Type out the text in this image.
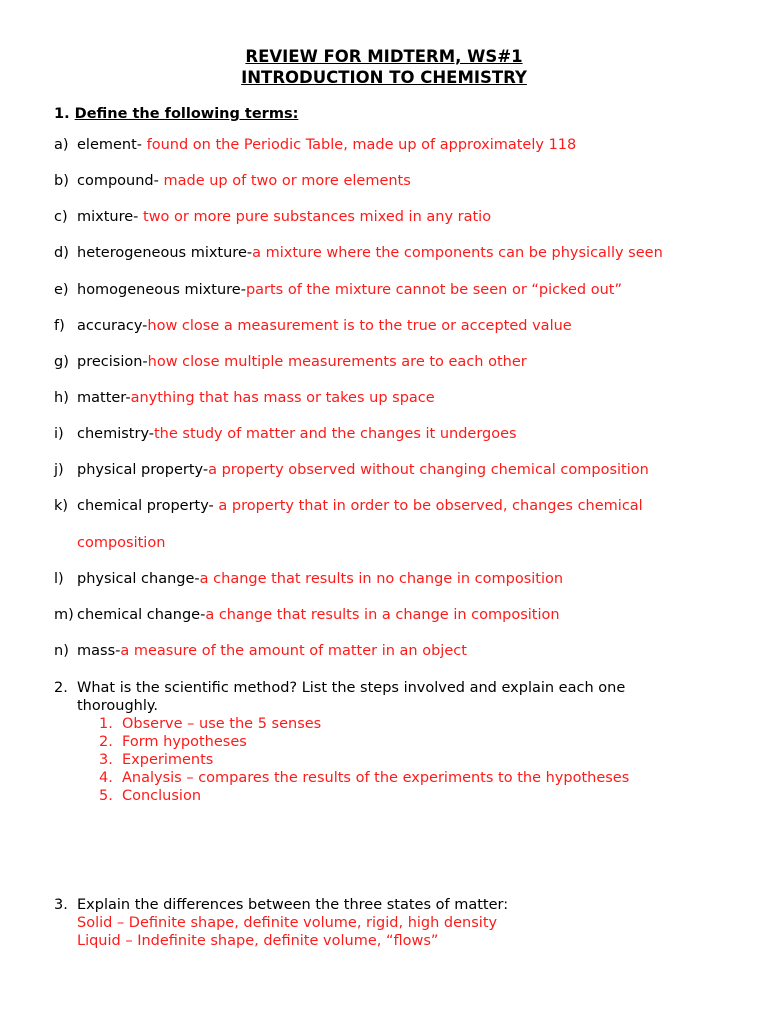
REVIEW FOR MIDTERM, WS#1
INTRODUCTION TO CHEMISTRY
1. Define the following terms:
a) element- found on the Periodic Table, made up of approximately 118
b) compound- made up of two or more elements
c) mixture- two or more pure substances mixed in any ratio
d) heterogeneous mixture-a mixture where the components can be physically seen
e) homogeneous mixture-parts of the mixture cannot be seen or “picked out”
f) accuracy-how close a measurement is to the true or accepted value
g) precision-how close multiple measurements are to each other
h) matter-anything that has mass or takes up space
i) chemistry-the study of matter and the changes it undergoes
j) physical property-a property observed without changing chemical composition
k) chemical property- a property that in order to be observed, changes chemical
composition
l) physical change-a change that results in no change in composition
m) chemical change-a change that results in a change in composition
n) mass-a measure of the amount of matter in an object
2. What is the scientific method? List the steps involved and explain each one
thoroughly.
1. Observe – use the 5 senses
2. Form hypotheses
3. Experiments
4. Analysis – compares the results of the experiments to the hypotheses
5. Conclusion
3. Explain the differences between the three states of matter:
Solid – Definite shape, definite volume, rigid, high density
Liquid – Indefinite shape, definite volume, “flows”
